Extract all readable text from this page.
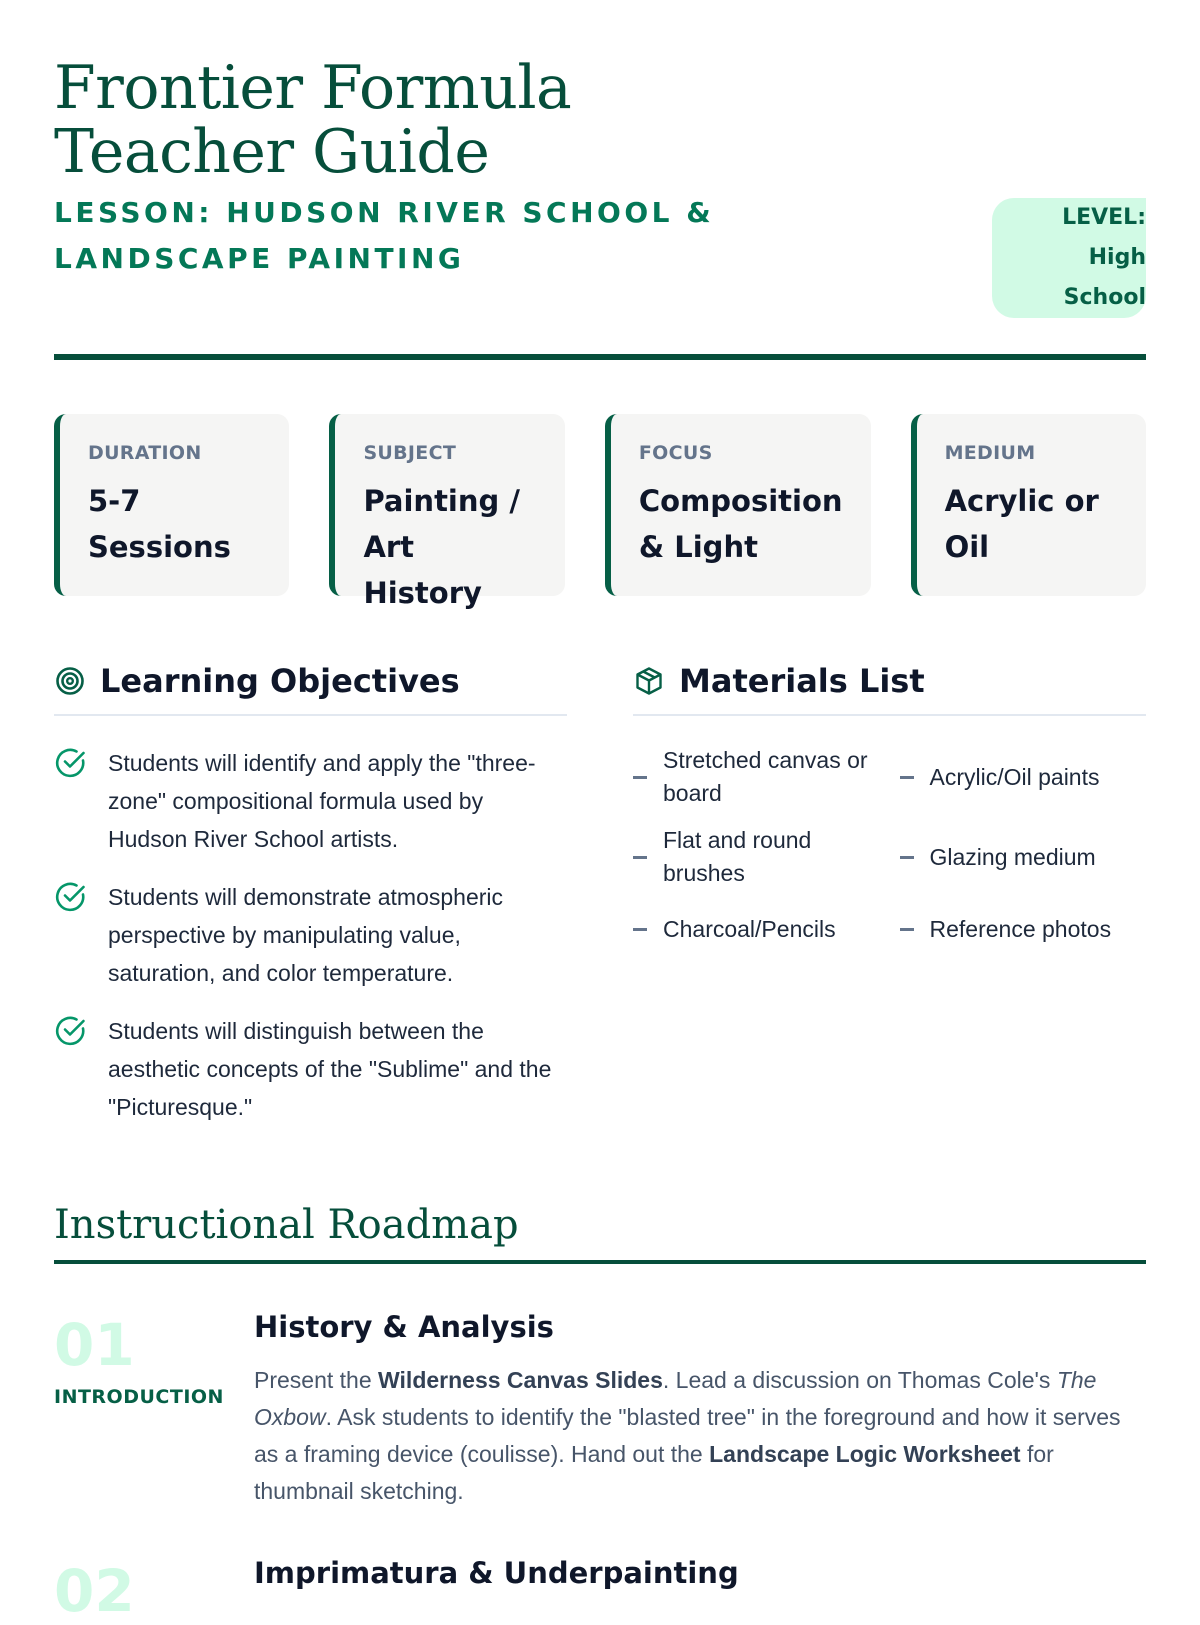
Frontier Formula Teacher Guide
LESSON: HUDSON RIVER SCHOOL & LANDSCAPE PAINTING
LEVEL: High School
DURATION
5-7 Sessions
SUBJECT
Painting / Art History
FOCUS
Composition & Light
MEDIUM
Acrylic or Oil
Learning Objectives
Students will identify and apply the "three-zone" compositional formula used by Hudson River School artists.
Students will demonstrate atmospheric perspective by manipulating value, saturation, and color temperature.
Students will distinguish between the aesthetic concepts of the "Sublime" and the "Picturesque."
Materials List
Stretched canvas or board
Acrylic/Oil paints
Flat and round brushes
Glazing medium
Charcoal/Pencils	Reference photos
Instructional Roadmap
01
INTRODUCTION
History & Analysis

Present the Wilderness Canvas Slides. Lead a discussion on Thomas Cole's The Oxbow. Ask students to identify the "blasted tree" in the foreground and how it serves as a framing device (coulisse). Hand out the Landscape Logic Worksheet for thumbnail sketching.

02	Imprimatura & Underpainting
